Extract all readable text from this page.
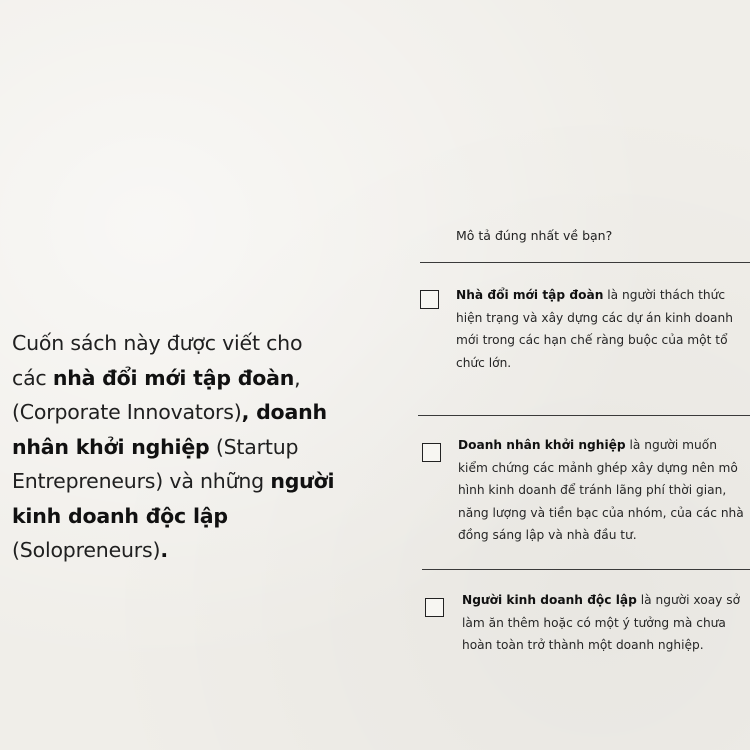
Cuốn sách này được viết cho các nhà đổi mới tập đoàn, (Corporate Innovators), doanh nhân khởi nghiệp (Startup Entrepreneurs) và những người kinh doanh độc lập (Solopreneurs).
Mô tả đúng nhất về bạn?
Nhà đổi mới tập đoàn là người thách thức hiện trạng và xây dựng các dự án kinh doanh mới trong các hạn chế ràng buộc của một tổ chức lớn.
Doanh nhân khởi nghiệp là người muốn kiểm chứng các mảnh ghép xây dựng nên mô hình kinh doanh để tránh lãng phí thời gian, năng lượng và tiền bạc của nhóm, của các nhà đồng sáng lập và nhà đầu tư.
Người kinh doanh độc lập là người xoay sở làm ăn thêm hoặc có một ý tưởng mà chưa hoàn toàn trở thành một doanh nghiệp.
